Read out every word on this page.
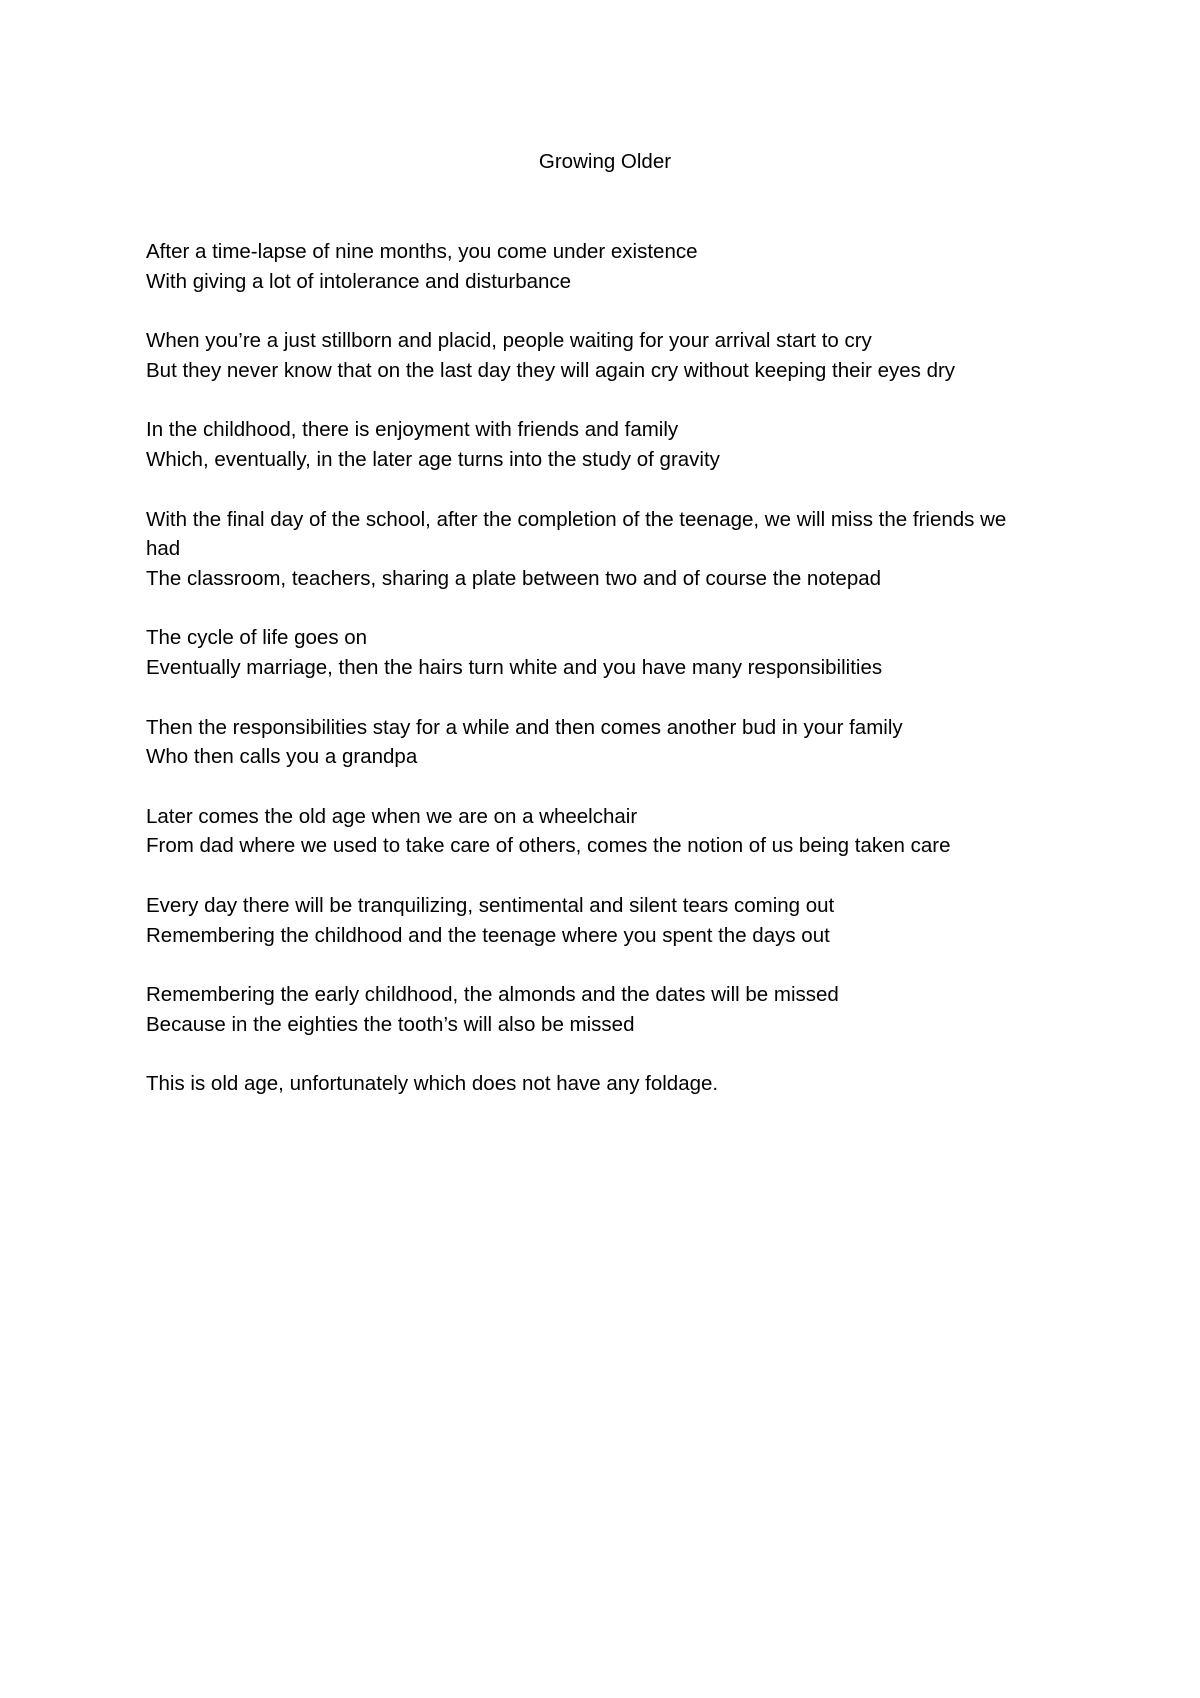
Growing Older

After a time-lapse of nine months, you come under existence
With giving a lot of intolerance and disturbance

When you’re a just stillborn and placid, people waiting for your arrival start to cry
But they never know that on the last day they will again cry without keeping their eyes dry

In the childhood, there is enjoyment with friends and family
Which, eventually, in the later age turns into the study of gravity

With the final day of the school, after the completion of the teenage, we will miss the friends we had
The classroom, teachers, sharing a plate between two and of course the notepad

The cycle of life goes on
Eventually marriage, then the hairs turn white and you have many responsibilities

Then the responsibilities stay for a while and then comes another bud in your family
Who then calls you a grandpa

Later comes the old age when we are on a wheelchair
From dad where we used to take care of others, comes the notion of us being taken care

Every day there will be tranquilizing, sentimental and silent tears coming out
Remembering the childhood and the teenage where you spent the days out

Remembering the early childhood, the almonds and the dates will be missed
Because in the eighties the tooth’s will also be missed

This is old age, unfortunately which does not have any foldage.
